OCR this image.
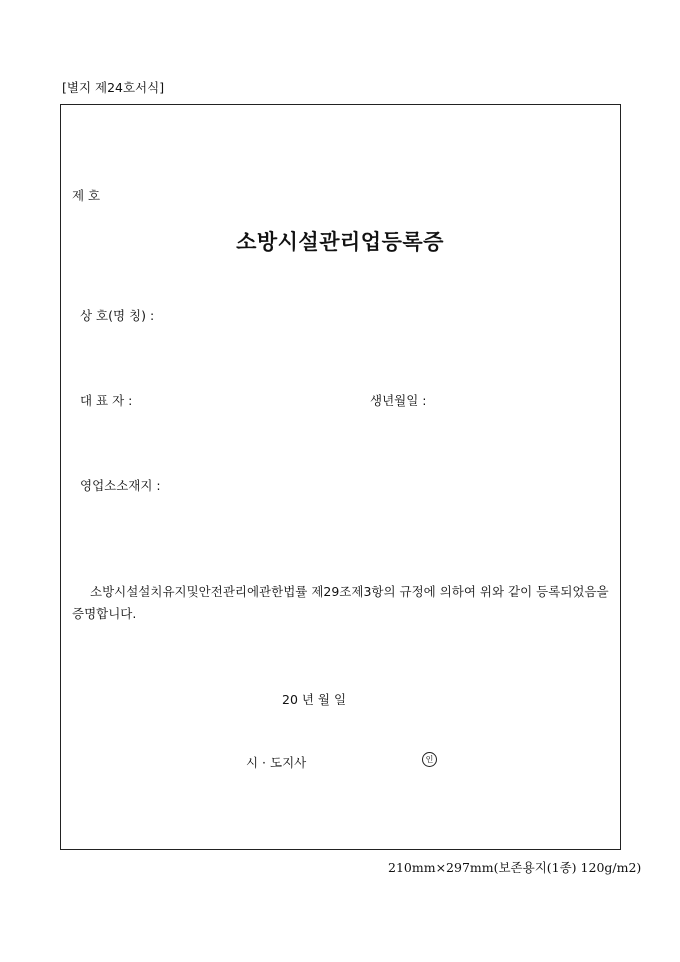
[별지 제24호서식]
제 호
소방시설관리업등록증
상 호(명 칭) :
대 표 자 :	생년월일 :
영업소소재지 :
소방시설설치유지및안전관리에관한법률 제29조제3항의 규정에 의하여 위와 같이 등록되었음을 증명합니다.
20 년 월 일
시 · 도지사	인
210mm×297mm(보존용지(1종) 120g/m2)
